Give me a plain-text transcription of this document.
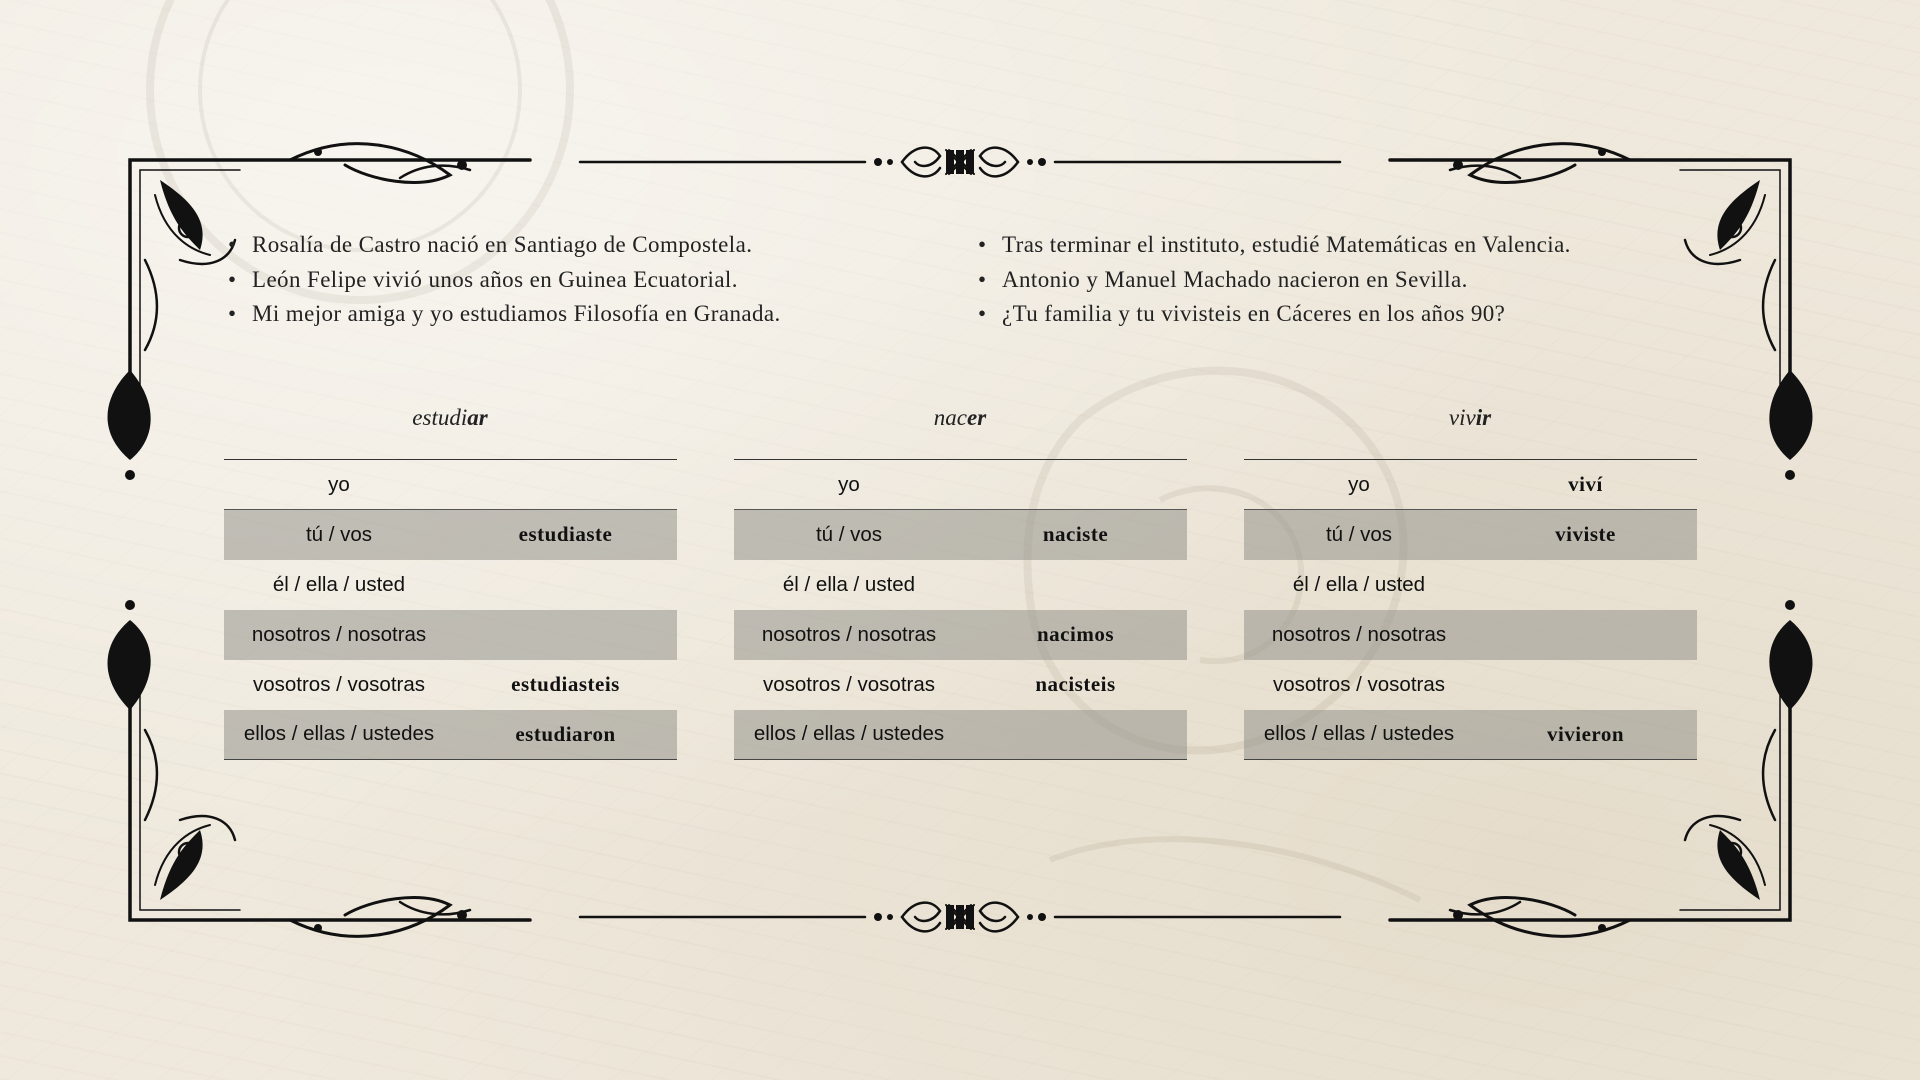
• Rosalía de Castro nació en Santiago de Compostela.
• León Felipe vivió unos años en Guinea Ecuatorial.
• Mi mejor amiga y yo estudiamos Filosofía en Granada.
• Tras terminar el instituto, estudié Matemáticas en Valencia.
• Antonio y Manuel Machado nacieron en Sevilla.
• ¿Tu familia y tu vivisteis en Cáceres en los años 90?
estudiar	nacer	vivir
yo	
tú / vos	estudiaste
él / ella / usted	
nosotros / nosotras	
vosotros / vosotras	estudiasteis
ellos / ellas / ustedes	estudiaron
yo	
tú / vos	naciste
él / ella / usted	
nosotros / nosotras	nacimos
vosotros / vosotras	nacisteis
ellos / ellas / ustedes	
yo	viví
tú / vos	viviste
él / ella / usted	
nosotros / nosotras	
vosotros / vosotras	
ellos / ellas / ustedes	vivieron
